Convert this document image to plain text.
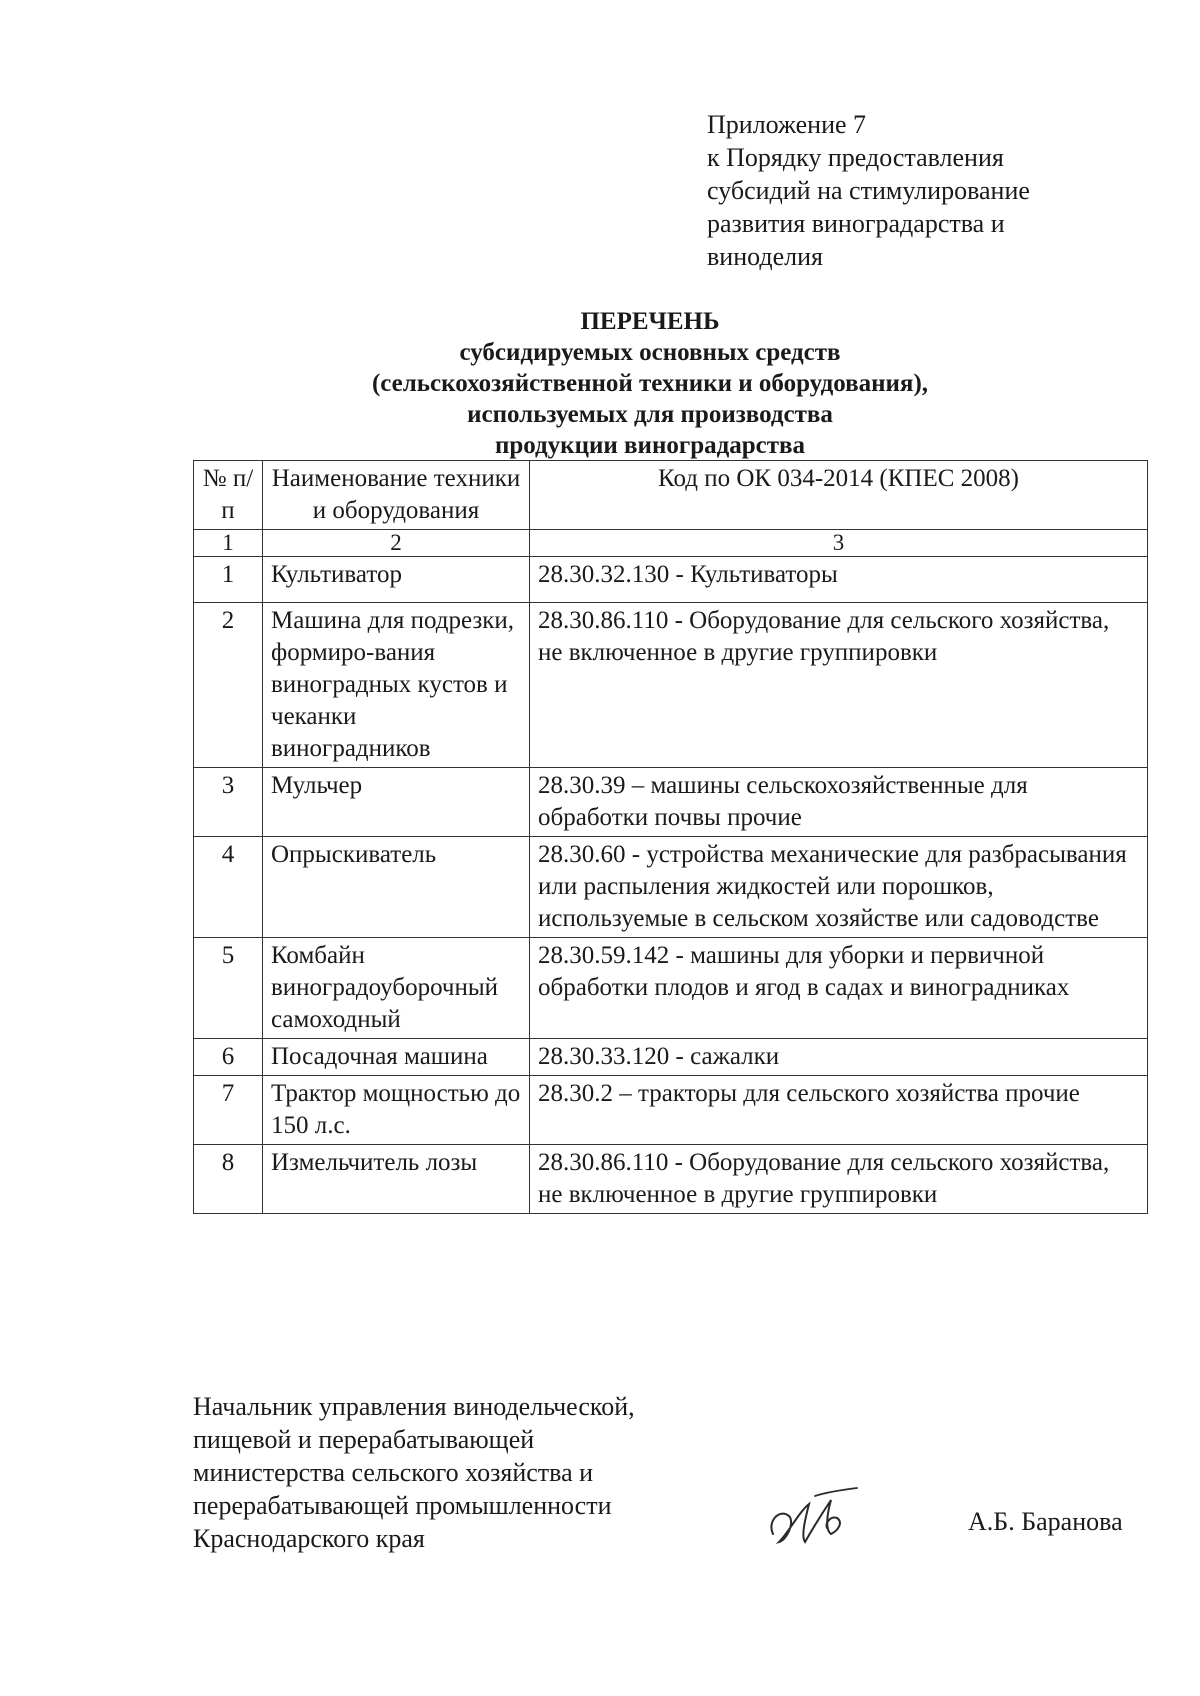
Приложение 7
к Порядку предоставления
субсидий на стимулирование
развития виноградарства и
виноделия
ПЕРЕЧЕНЬ
субсидируемых основных средств
(сельскохозяйственной техники и оборудования),
используемых для производства
продукции виноградарства
№ п/п	Наименование техники и оборудования	Код по ОК 034-2014 (КПЕС 2008)
1	2	3
1	Культиватор	28.30.32.130 - Культиваторы
2	Машина для подрезки, формиро-вания виноградных кустов и чеканки виноградников	28.30.86.110 - Оборудование для сельского хозяйства, не включенное в другие группировки
3	Мульчер	28.30.39 – машины сельскохозяйственные для обработки почвы прочие
4	Опрыскиватель	28.30.60 - устройства механические для разбрасывания или распыления жидкостей или порошков, используемые в сельском хозяйстве или садоводстве
5	Комбайн виноградоуборочный самоходный	28.30.59.142 - машины для уборки и первичной обработки плодов и ягод в садах и виноградниках
6	Посадочная машина	28.30.33.120 - сажалки
7	Трактор мощностью до 150 л.с.	28.30.2 – тракторы для сельского хозяйства прочие
8	Измельчитель лозы	28.30.86.110 - Оборудование для сельского хозяйства, не включенное в другие группировки
Начальник управления винодельческой,
пищевой и перерабатывающей
министерства сельского хозяйства и
перерабатывающей промышленности
Краснодарского края
А.Б. Баранова
